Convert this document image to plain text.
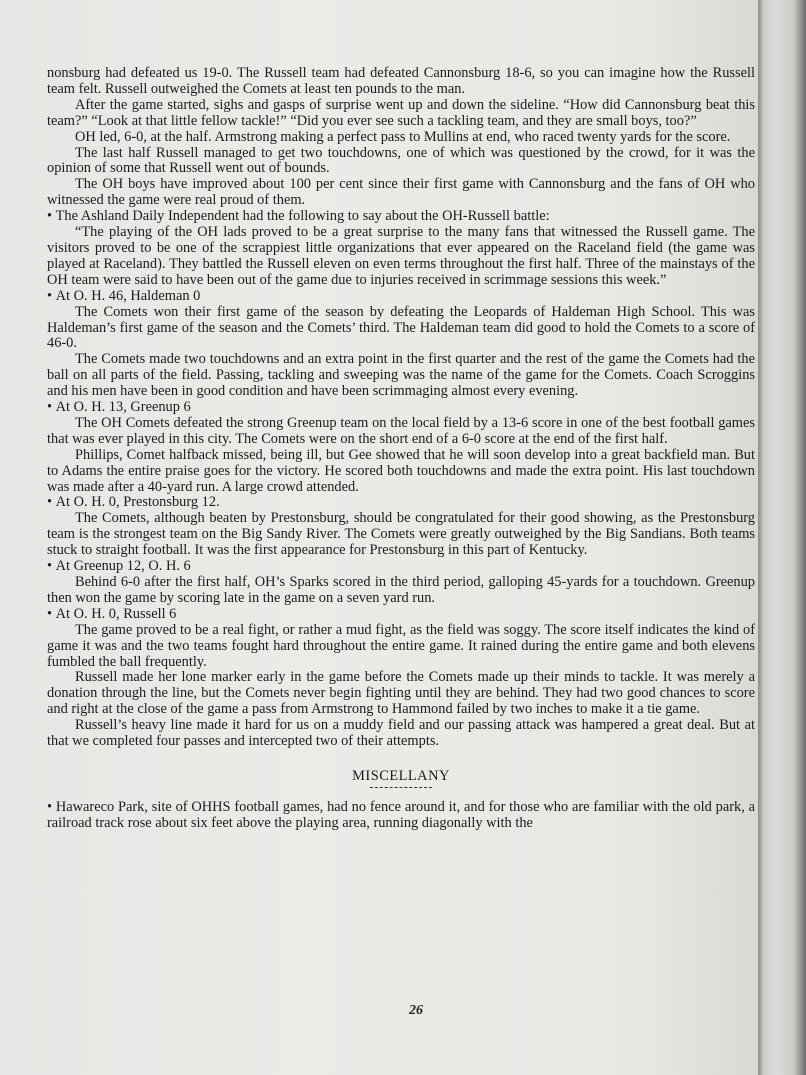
nonsburg had defeated us 19-0. The Russell team had defeated Cannonsburg 18-6, so you can imagine how the Russell team felt. Russell outweighed the Comets at least ten pounds to the man.

After the game started, sighs and gasps of surprise went up and down the sideline. “How did Cannonsburg beat this team?” “Look at that little fellow tackle!” “Did you ever see such a tackling team, and they are small boys, too?”

OH led, 6-0, at the half. Armstrong making a perfect pass to Mullins at end, who raced twenty yards for the score.

The last half Russell managed to get two touchdowns, one of which was questioned by the crowd, for it was the opinion of some that Russell went out of bounds.

The OH boys have improved about 100 per cent since their first game with Cannonsburg and the fans of OH who witnessed the game were real proud of them.

• The Ashland Daily Independent had the following to say about the OH-Russell battle:

“The playing of the OH lads proved to be a great surprise to the many fans that witnessed the Russell game. The visitors proved to be one of the scrappiest little organizations that ever appeared on the Raceland field (the game was played at Raceland). They battled the Russell eleven on even terms throughout the first half. Three of the mainstays of the OH team were said to have been out of the game due to injuries received in scrimmage sessions this week.”

• At O. H. 46, Haldeman 0

The Comets won their first game of the season by defeating the Leopards of Haldeman High School. This was Haldeman’s first game of the season and the Comets’ third. The Haldeman team did good to hold the Comets to a score of 46-0.

The Comets made two touchdowns and an extra point in the first quarter and the rest of the game the Comets had the ball on all parts of the field. Passing, tackling and sweeping was the name of the game for the Comets. Coach Scroggins and his men have been in good condition and have been scrimmaging almost every evening.

• At O. H. 13, Greenup 6

The OH Comets defeated the strong Greenup team on the local field by a 13-6 score in one of the best football games that was ever played in this city. The Comets were on the short end of a 6-0 score at the end of the first half.

Phillips, Comet halfback missed, being ill, but Gee showed that he will soon develop into a great backfield man. But to Adams the entire praise goes for the victory. He scored both touchdowns and made the extra point. His last touchdown was made after a 40-yard run. A large crowd attended.

• At O. H. 0, Prestonsburg 12.

The Comets, although beaten by Prestonsburg, should be congratulated for their good showing, as the Prestonsburg team is the strongest team on the Big Sandy River. The Comets were greatly outweighed by the Big Sandians. Both teams stuck to straight football. It was the first appearance for Prestonsburg in this part of Kentucky.

• At Greenup 12, O. H. 6

Behind 6-0 after the first half, OH’s Sparks scored in the third period, galloping 45-yards for a touchdown. Greenup then won the game by scoring late in the game on a seven yard run.

• At O. H. 0, Russell 6

The game proved to be a real fight, or rather a mud fight, as the field was soggy. The score itself indicates the kind of game it was and the two teams fought hard throughout the entire game. It rained during the entire game and both elevens fumbled the ball frequently.

Russell made her lone marker early in the game before the Comets made up their minds to tackle. It was merely a donation through the line, but the Comets never begin fighting until they are behind. They had two good chances to score and right at the close of the game a pass from Armstrong to Hammond failed by two inches to make it a tie game.

Russell’s heavy line made it hard for us on a muddy field and our passing attack was hampered a great deal. But at that we completed four passes and intercepted two of their attempts.

MISCELLANY

• Hawareco Park, site of OHHS football games, had no fence around it, and for those who are familiar with the old park, a railroad track rose about six feet above the playing area, running diagonally with the

26
